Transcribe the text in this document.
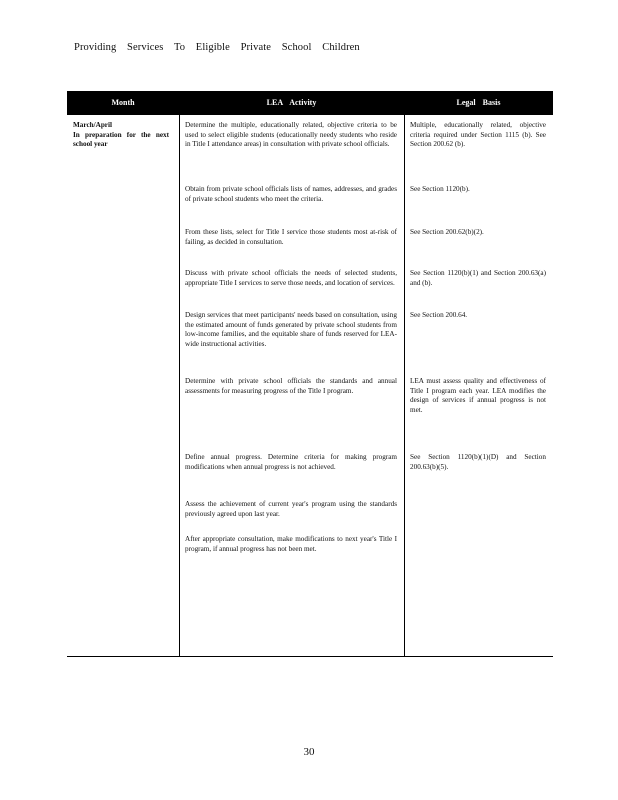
Providing Services To Eligible Private School Children
Month	LEA Activity	Legal Basis
March/April
In preparation for the next school year
Determine the multiple, educationally related, objective criteria to be used to select eligible students (educationally needy students who reside in Title I attendance areas) in consultation with private school officials.
Multiple, educationally related, objective criteria required under Section 1115 (b). See Section 200.62 (b).
Obtain from private school officials lists of names, addresses, and grades of private school students who meet the criteria.
See Section 1120(b).
From these lists, select for Title I service those students most at-risk of failing, as decided in consultation.
See Section 200.62(b)(2).
Discuss with private school officials the needs of selected students, appropriate Title I services to serve those needs, and location of services.
See Section 1120(b)(1) and Section 200.63(a) and (b).
Design services that meet participants' needs based on consultation, using the estimated amount of funds generated by private school students from low-income families, and the equitable share of funds reserved for LEA-wide instructional activities.
See Section 200.64.
Determine with private school officials the standards and annual assessments for measuring progress of the Title I program.
LEA must assess quality and effectiveness of Title I program each year. LEA modifies the design of services if annual progress is not met.
Define annual progress. Determine criteria for making program modifications when annual progress is not achieved.
See Section 1120(b)(1)(D) and Section 200.63(b)(5).
Assess the achievement of current year's program using the standards previously agreed upon last year.
After appropriate consultation, make modifications to next year's Title I program, if annual progress has not been met.
30
